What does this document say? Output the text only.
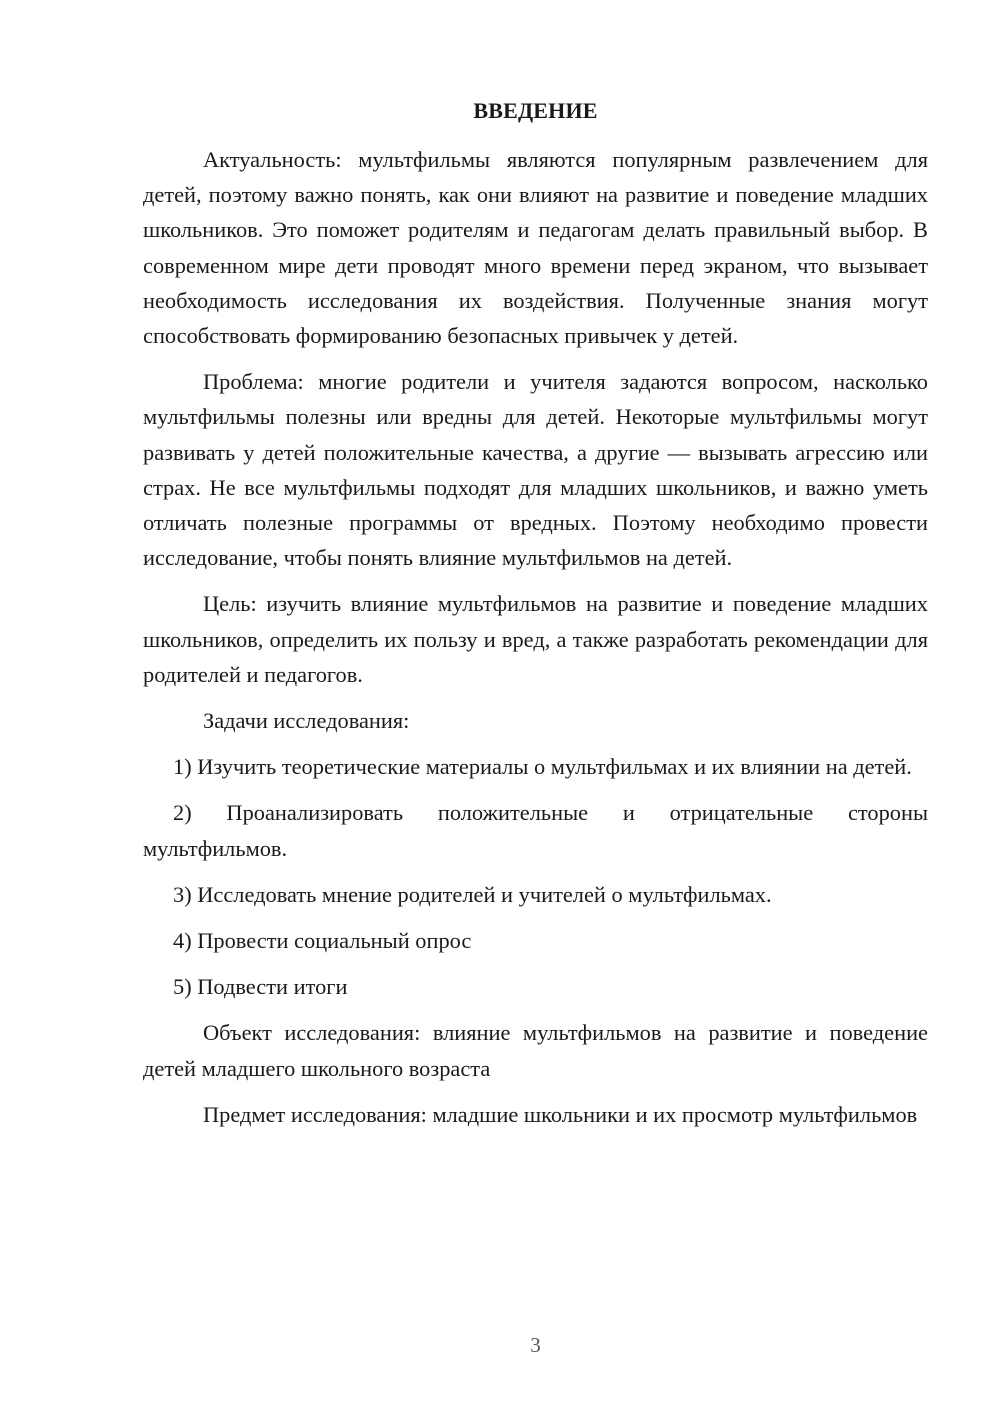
ВВЕДЕНИЕ

Актуальность: мультфильмы являются популярным развлечением для детей, поэтому важно понять, как они влияют на развитие и поведение младших школьников. Это поможет родителям и педагогам делать правильный выбор. В современном мире дети проводят много времени перед экраном, что вызывает необходимость исследования их воздействия. Полученные знания могут способствовать формированию безопасных привычек у детей.

Проблема: многие родители и учителя задаются вопросом, насколько мультфильмы полезны или вредны для детей. Некоторые мультфильмы могут развивать у детей положительные качества, а другие — вызывать агрессию или страх. Не все мультфильмы подходят для младших школьников, и важно уметь отличать полезные программы от вредных. Поэтому необходимо провести исследование, чтобы понять влияние мультфильмов на детей.

Цель: изучить влияние мультфильмов на развитие и поведение младших школьников, определить их пользу и вред, а также разработать рекомендации для родителей и педагогов.

Задачи исследования:

1) Изучить теоретические материалы о мультфильмах и их влиянии на детей.

2) Проанализировать положительные и отрицательные стороны мультфильмов.

3) Исследовать мнение родителей и учителей о мультфильмах.

4) Провести социальный опрос

5) Подвести итоги

Объект исследования: влияние мультфильмов на развитие и поведение детей младшего школьного возраста

Предмет исследования: младшие школьники и их просмотр мультфильмов

3
